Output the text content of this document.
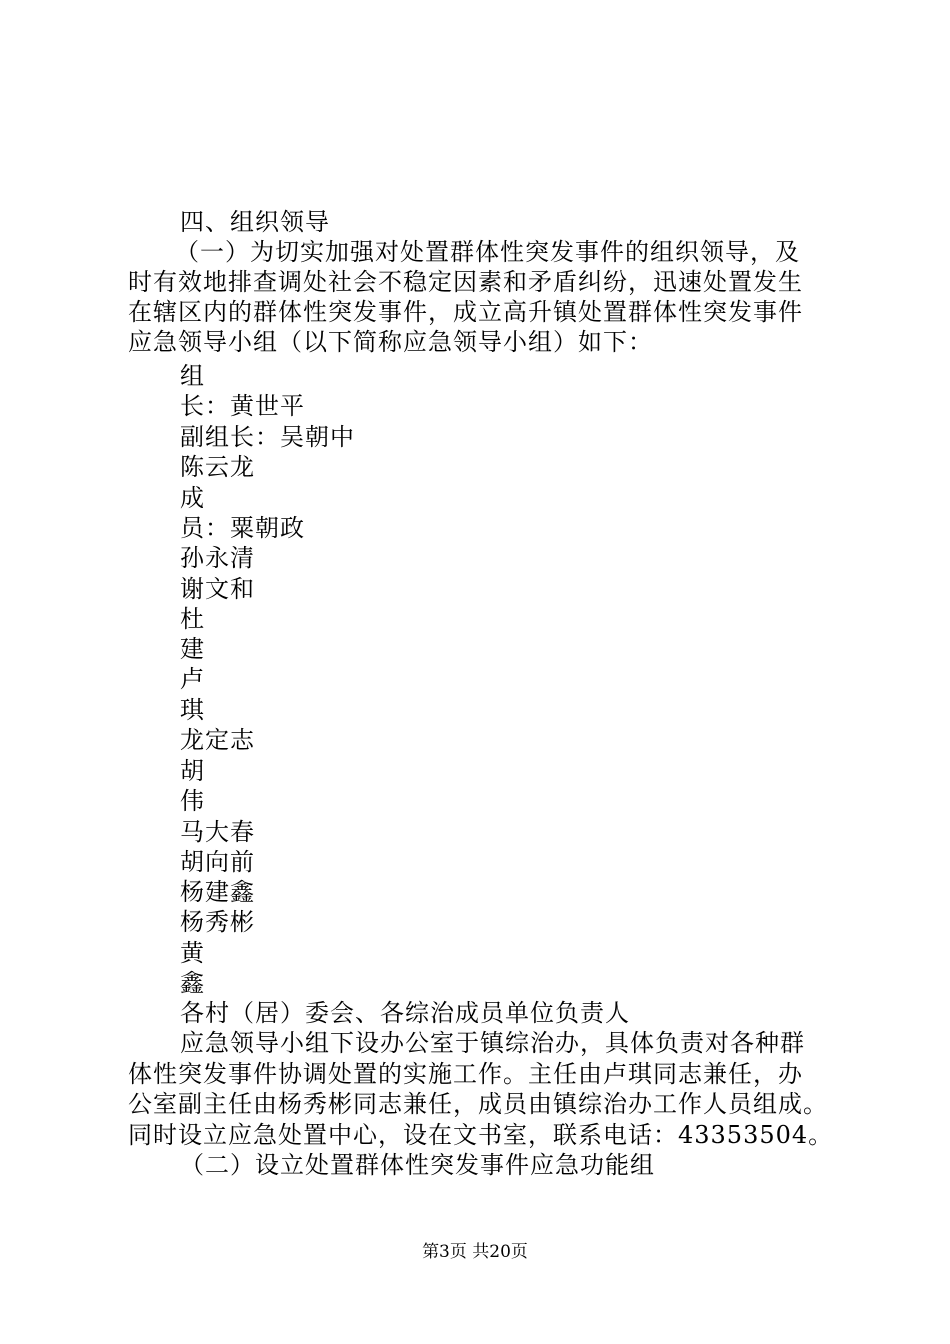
四、组织领导
（一）为切实加强对处置群体性突发事件的组织领导，及
时有效地排查调处社会不稳定因素和矛盾纠纷，迅速处置发生
在辖区内的群体性突发事件，成立高升镇处置群体性突发事件
应急领导小组（以下简称应急领导小组）如下：
组
长：黄世平
副组长：吴朝中
陈云龙
成
员：粟朝政
孙永清
谢文和
杜
建
卢
琪
龙定志
胡
伟
马大春
胡向前
杨建鑫
杨秀彬
黄
鑫
各村（居）委会、各综治成员单位负责人
应急领导小组下设办公室于镇综治办，具体负责对各种群
体性突发事件协调处置的实施工作。主任由卢琪同志兼任，办
公室副主任由杨秀彬同志兼任，成员由镇综治办工作人员组成。
同时设立应急处置中心，设在文书室，联系电话：43353504。
（二）设立处置群体性突发事件应急功能组
第3页 共20页
